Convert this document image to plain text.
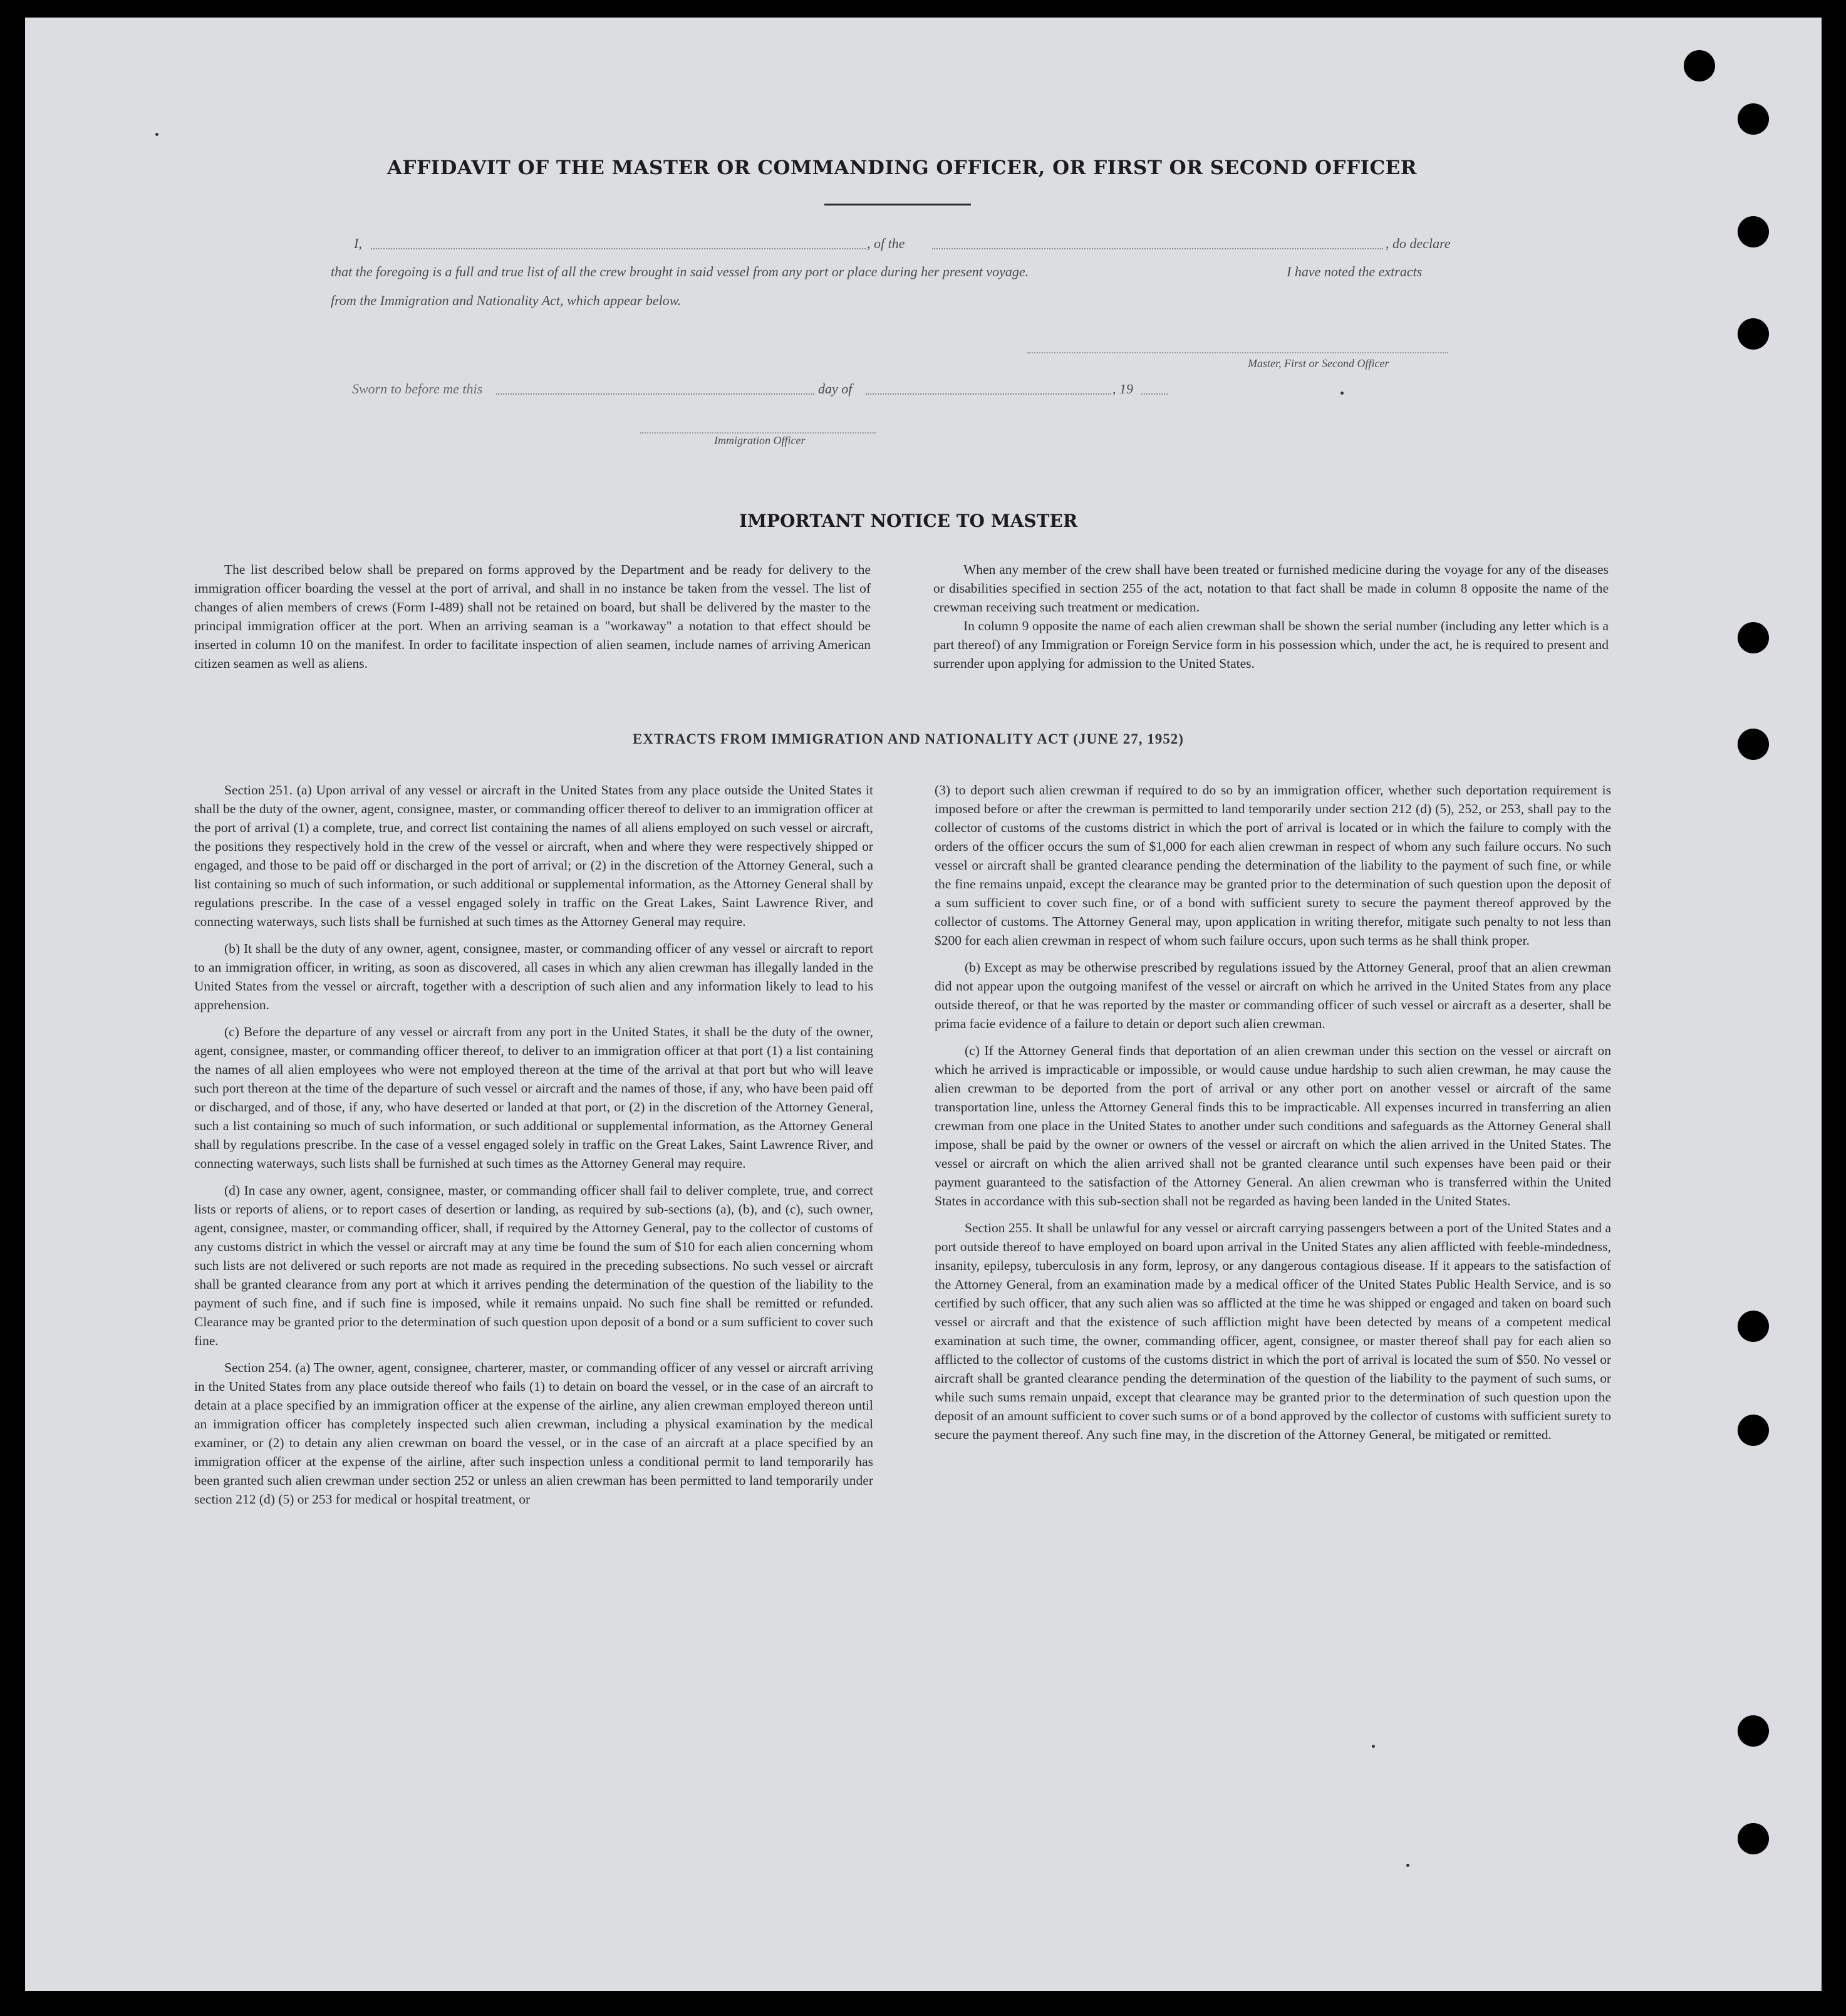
AFFIDAVIT OF THE MASTER OR COMMANDING OFFICER, OR FIRST OR SECOND OFFICER
I,	, of the	, do declare
that the foregoing is a full and true list of all the crew brought in said vessel from any port or place during her present voyage.	I have noted the extracts
from the Immigration and Nationality Act, which appear below.
Master, First or Second Officer
Sworn to before me this	day of	, 19
Immigration Officer
IMPORTANT NOTICE TO MASTER

The list described below shall be prepared on forms approved by the Department and be ready for delivery to the immigration officer boarding the vessel at the port of arrival, and shall in no instance be taken from the vessel. The list of changes of alien members of crews (Form I-489) shall not be retained on board, but shall be delivered by the master to the principal immigration officer at the port. When an arriving seaman is a "workaway" a notation to that effect should be inserted in column 10 on the manifest. In order to facilitate inspection of alien seamen, include names of arriving American citizen seamen as well as aliens.

When any member of the crew shall have been treated or furnished medicine during the voyage for any of the diseases or disabilities specified in section 255 of the act, notation to that fact shall be made in column 8 opposite the name of the crewman receiving such treatment or medication.

In column 9 opposite the name of each alien crewman shall be shown the serial number (including any letter which is a part thereof) of any Immigration or Foreign Service form in his possession which, under the act, he is required to present and surrender upon applying for admission to the United States.

EXTRACTS FROM IMMIGRATION AND NATIONALITY ACT (JUNE 27, 1952)

Section 251. (a) Upon arrival of any vessel or aircraft in the United States from any place outside the United States it shall be the duty of the owner, agent, consignee, master, or commanding officer thereof to deliver to an immigration officer at the port of arrival (1) a complete, true, and correct list containing the names of all aliens employed on such vessel or aircraft, the positions they respectively hold in the crew of the vessel or aircraft, when and where they were respectively shipped or engaged, and those to be paid off or discharged in the port of arrival; or (2) in the discretion of the Attorney General, such a list containing so much of such information, or such additional or supplemental information, as the Attorney General shall by regulations prescribe. In the case of a vessel engaged solely in traffic on the Great Lakes, Saint Lawrence River, and connecting waterways, such lists shall be furnished at such times as the Attorney General may require.

(b) It shall be the duty of any owner, agent, consignee, master, or commanding officer of any vessel or aircraft to report to an immigration officer, in writing, as soon as discovered, all cases in which any alien crewman has illegally landed in the United States from the vessel or aircraft, together with a description of such alien and any information likely to lead to his apprehension.

(c) Before the departure of any vessel or aircraft from any port in the United States, it shall be the duty of the owner, agent, consignee, master, or commanding officer thereof, to deliver to an immigration officer at that port (1) a list containing the names of all alien employees who were not employed thereon at the time of the arrival at that port but who will leave such port thereon at the time of the departure of such vessel or aircraft and the names of those, if any, who have been paid off or discharged, and of those, if any, who have deserted or landed at that port, or (2) in the discretion of the Attorney General, such a list containing so much of such information, or such additional or supplemental information, as the Attorney General shall by regulations prescribe. In the case of a vessel engaged solely in traffic on the Great Lakes, Saint Lawrence River, and connecting waterways, such lists shall be furnished at such times as the Attorney General may require.

(d) In case any owner, agent, consignee, master, or commanding officer shall fail to deliver complete, true, and correct lists or reports of aliens, or to report cases of desertion or landing, as required by sub-sections (a), (b), and (c), such owner, agent, consignee, master, or commanding officer, shall, if required by the Attorney General, pay to the collector of customs of any customs district in which the vessel or aircraft may at any time be found the sum of $10 for each alien concerning whom such lists are not delivered or such reports are not made as required in the preceding subsections. No such vessel or aircraft shall be granted clearance from any port at which it arrives pending the determination of the question of the liability to the payment of such fine, and if such fine is imposed, while it remains unpaid. No such fine shall be remitted or refunded. Clearance may be granted prior to the determination of such question upon deposit of a bond or a sum sufficient to cover such fine.

Section 254. (a) The owner, agent, consignee, charterer, master, or commanding officer of any vessel or aircraft arriving in the United States from any place outside thereof who fails (1) to detain on board the vessel, or in the case of an aircraft to detain at a place specified by an immigration officer at the expense of the airline, any alien crewman employed thereon until an immigration officer has completely inspected such alien crewman, including a physical examination by the medical examiner, or (2) to detain any alien crewman on board the vessel, or in the case of an aircraft at a place specified by an immigration officer at the expense of the airline, after such inspection unless a conditional permit to land temporarily has been granted such alien crewman under section 252 or unless an alien crewman has been permitted to land temporarily under section 212 (d) (5) or 253 for medical or hospital treatment, or

(3) to deport such alien crewman if required to do so by an immigration officer, whether such deportation requirement is imposed before or after the crewman is permitted to land temporarily under section 212 (d) (5), 252, or 253, shall pay to the collector of customs of the customs district in which the port of arrival is located or in which the failure to comply with the orders of the officer occurs the sum of $1,000 for each alien crewman in respect of whom any such failure occurs. No such vessel or aircraft shall be granted clearance pending the determination of the liability to the payment of such fine, or while the fine remains unpaid, except the clearance may be granted prior to the determination of such question upon the deposit of a sum sufficient to cover such fine, or of a bond with sufficient surety to secure the payment thereof approved by the collector of customs. The Attorney General may, upon application in writing therefor, mitigate such penalty to not less than $200 for each alien crewman in respect of whom such failure occurs, upon such terms as he shall think proper.

(b) Except as may be otherwise prescribed by regulations issued by the Attorney General, proof that an alien crewman did not appear upon the outgoing manifest of the vessel or aircraft on which he arrived in the United States from any place outside thereof, or that he was reported by the master or commanding officer of such vessel or aircraft as a deserter, shall be prima facie evidence of a failure to detain or deport such alien crewman.

(c) If the Attorney General finds that deportation of an alien crewman under this section on the vessel or aircraft on which he arrived is impracticable or impossible, or would cause undue hardship to such alien crewman, he may cause the alien crewman to be deported from the port of arrival or any other port on another vessel or aircraft of the same transportation line, unless the Attorney General finds this to be impracticable. All expenses incurred in transferring an alien crewman from one place in the United States to another under such conditions and safeguards as the Attorney General shall impose, shall be paid by the owner or owners of the vessel or aircraft on which the alien arrived in the United States. The vessel or aircraft on which the alien arrived shall not be granted clearance until such expenses have been paid or their payment guaranteed to the satisfaction of the Attorney General. An alien crewman who is transferred within the United States in accordance with this sub-section shall not be regarded as having been landed in the United States.

Section 255. It shall be unlawful for any vessel or aircraft carrying passengers between a port of the United States and a port outside thereof to have employed on board upon arrival in the United States any alien afflicted with feeble-mindedness, insanity, epilepsy, tuberculosis in any form, leprosy, or any dangerous contagious disease. If it appears to the satisfaction of the Attorney General, from an examination made by a medical officer of the United States Public Health Service, and is so certified by such officer, that any such alien was so afflicted at the time he was shipped or engaged and taken on board such vessel or aircraft and that the existence of such affliction might have been detected by means of a competent medical examination at such time, the owner, commanding officer, agent, consignee, or master thereof shall pay for each alien so afflicted to the collector of customs of the customs district in which the port of arrival is located the sum of $50. No vessel or aircraft shall be granted clearance pending the determination of the question of the liability to the payment of such sums, or while such sums remain unpaid, except that clearance may be granted prior to the determination of such question upon the deposit of an amount sufficient to cover such sums or of a bond approved by the collector of customs with sufficient surety to secure the payment thereof. Any such fine may, in the discretion of the Attorney General, be mitigated or remitted.
